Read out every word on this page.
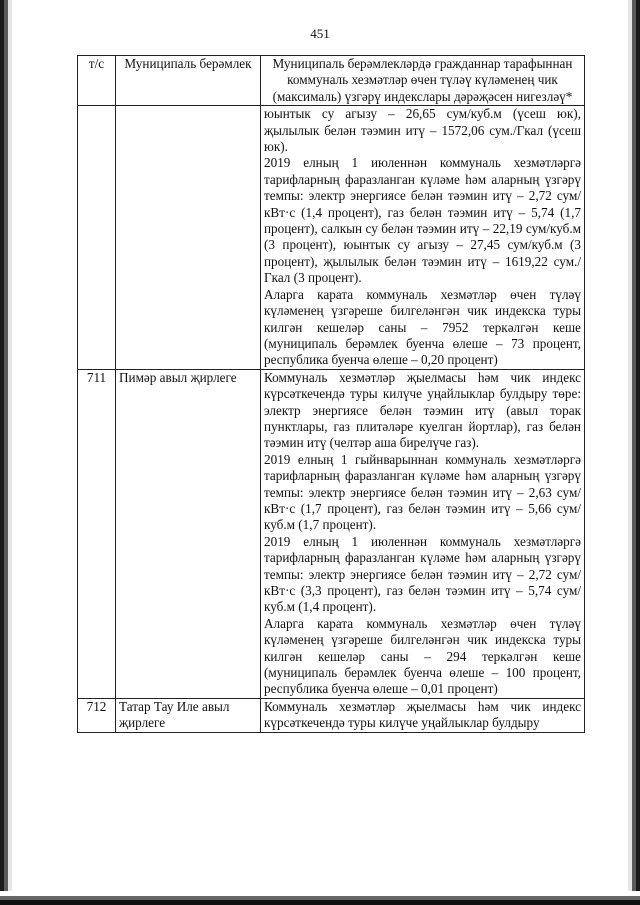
451
т/с	Муниципаль берәмлек	Муниципаль берәмлекләрдә гражданнар тарафыннан коммуналь хезмәтләр өчен түләү күләменең чик (максималь) үзгәрү индекслары дәрәҗәсен нигезләү*

		юынтык су агызу – 26,65 сум/куб.м (үсеш юк), җылылык белән тәэмин итү – 1572,06 сум./Гкал (үсеш юк).

2019 елның 1 июленнән коммуналь хезмәтләргә тарифларның фаразланган күләме һәм аларның үзгәрү темпы: электр энергиясе белән тәэмин итү – 2,72 сум/кВт·с (1,4 процент), газ белән тәэмин итү – 5,74 (1,7 процент), салкын су белән тәэмин итү – 22,19 сум/куб.м (3 процент), юынтык су агызу – 27,45 сум/куб.м (3 процент), җылылык белән тәэмин итү – 1619,22 сум./Гкал (3 процент).

Аларга карата коммуналь хезмәтләр өчен түләү күләменең үзгәреше билгеләнгән чик индекска туры килгән кешеләр саны – 7952 теркәлгән кеше (муниципаль берәмлек буенча өлеше – 73 процент, республика буенча өлеше – 0,20 процент)

711	Пимәр авыл җирлеге	Коммуналь хезмәтләр җыелмасы һәм чик индекс күрсәткечендә туры килүче уңайлыклар булдыру төре: электр энергиясе белән тәэмин итү (авыл торак пунктлары, газ плитәләре куелган йортлар), газ белән тәэмин итү (челтәр аша бирелүче газ).

2019 елның 1 гыйнварыннан коммуналь хезмәтләргә тарифларның фаразланган күләме һәм аларның үзгәрү темпы: электр энергиясе белән тәэмин итү – 2,63 сум/кВт·с (1,7 процент), газ белән тәэмин итү – 5,66 сум/куб.м (1,7 процент).

2019 елның 1 июленнән коммуналь хезмәтләргә тарифларның фаразланган күләме һәм аларның үзгәрү темпы: электр энергиясе белән тәэмин итү – 2,72 сум/кВт·с (3,3 процент), газ белән тәэмин итү – 5,74 сум/куб.м (1,4 процент).

Аларга карата коммуналь хезмәтләр өчен түләү күләменең үзгәреше билгеләнгән чик индекска туры килгән кешеләр саны – 294 теркәлгән кеше (муниципаль берәмлек буенча өлеше – 100 процент, республика буенча өлеше – 0,01 процент)

712	Татар Тау Иле авыл җирлеге	Коммуналь хезмәтләр җыелмасы һәм чик индекс күрсәткечендә туры килүче уңайлыклар булдыру
